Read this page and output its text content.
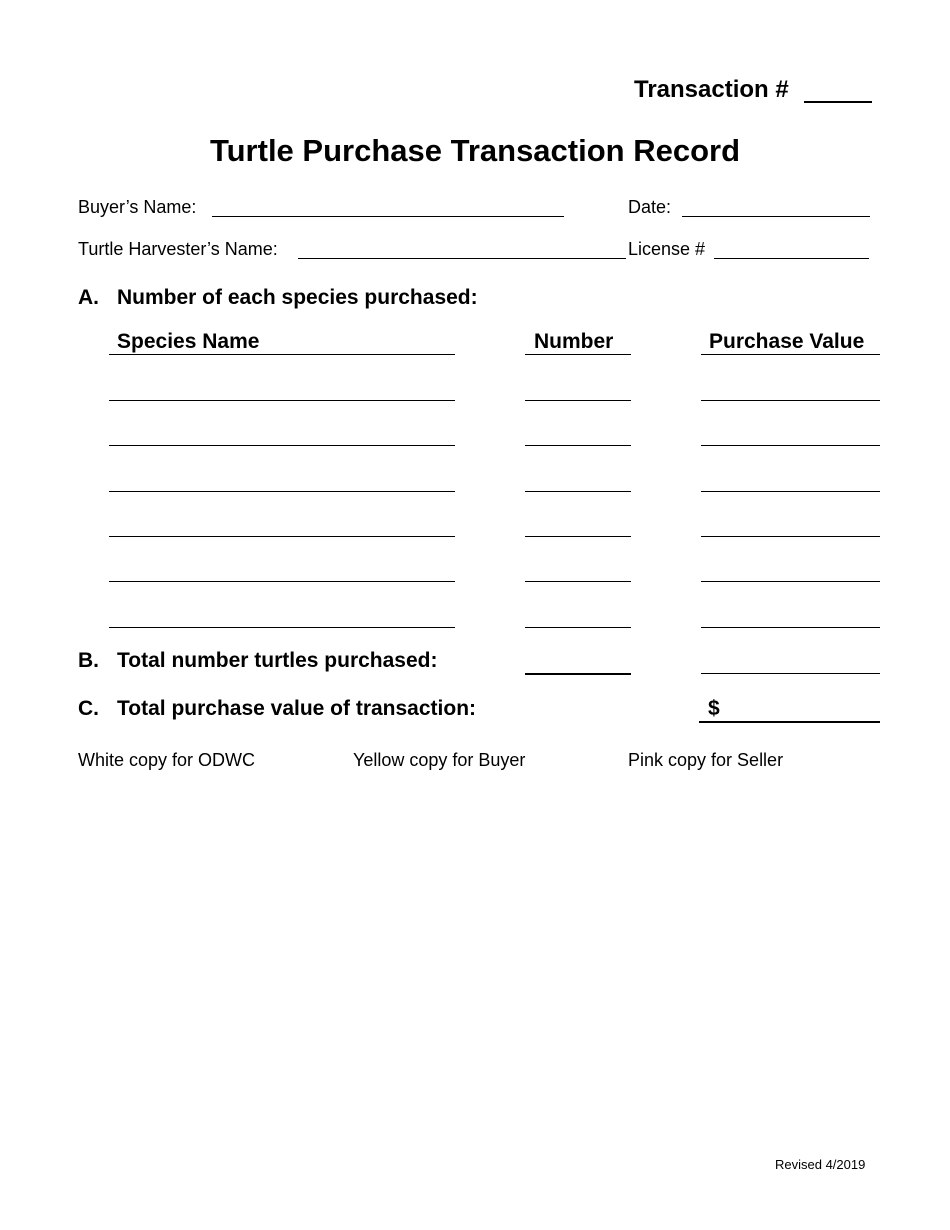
Transaction #
Turtle Purchase Transaction Record
Buyer’s Name:	Date:
Turtle Harvester’s Name:	License #
A. Number of each species purchased:
Species Name	Number	Purchase Value
B. Total number turtles purchased:
C. Total purchase value of transaction:	$
White copy for ODWC	Yellow copy for Buyer	Pink copy for Seller
Revised 4/2019
